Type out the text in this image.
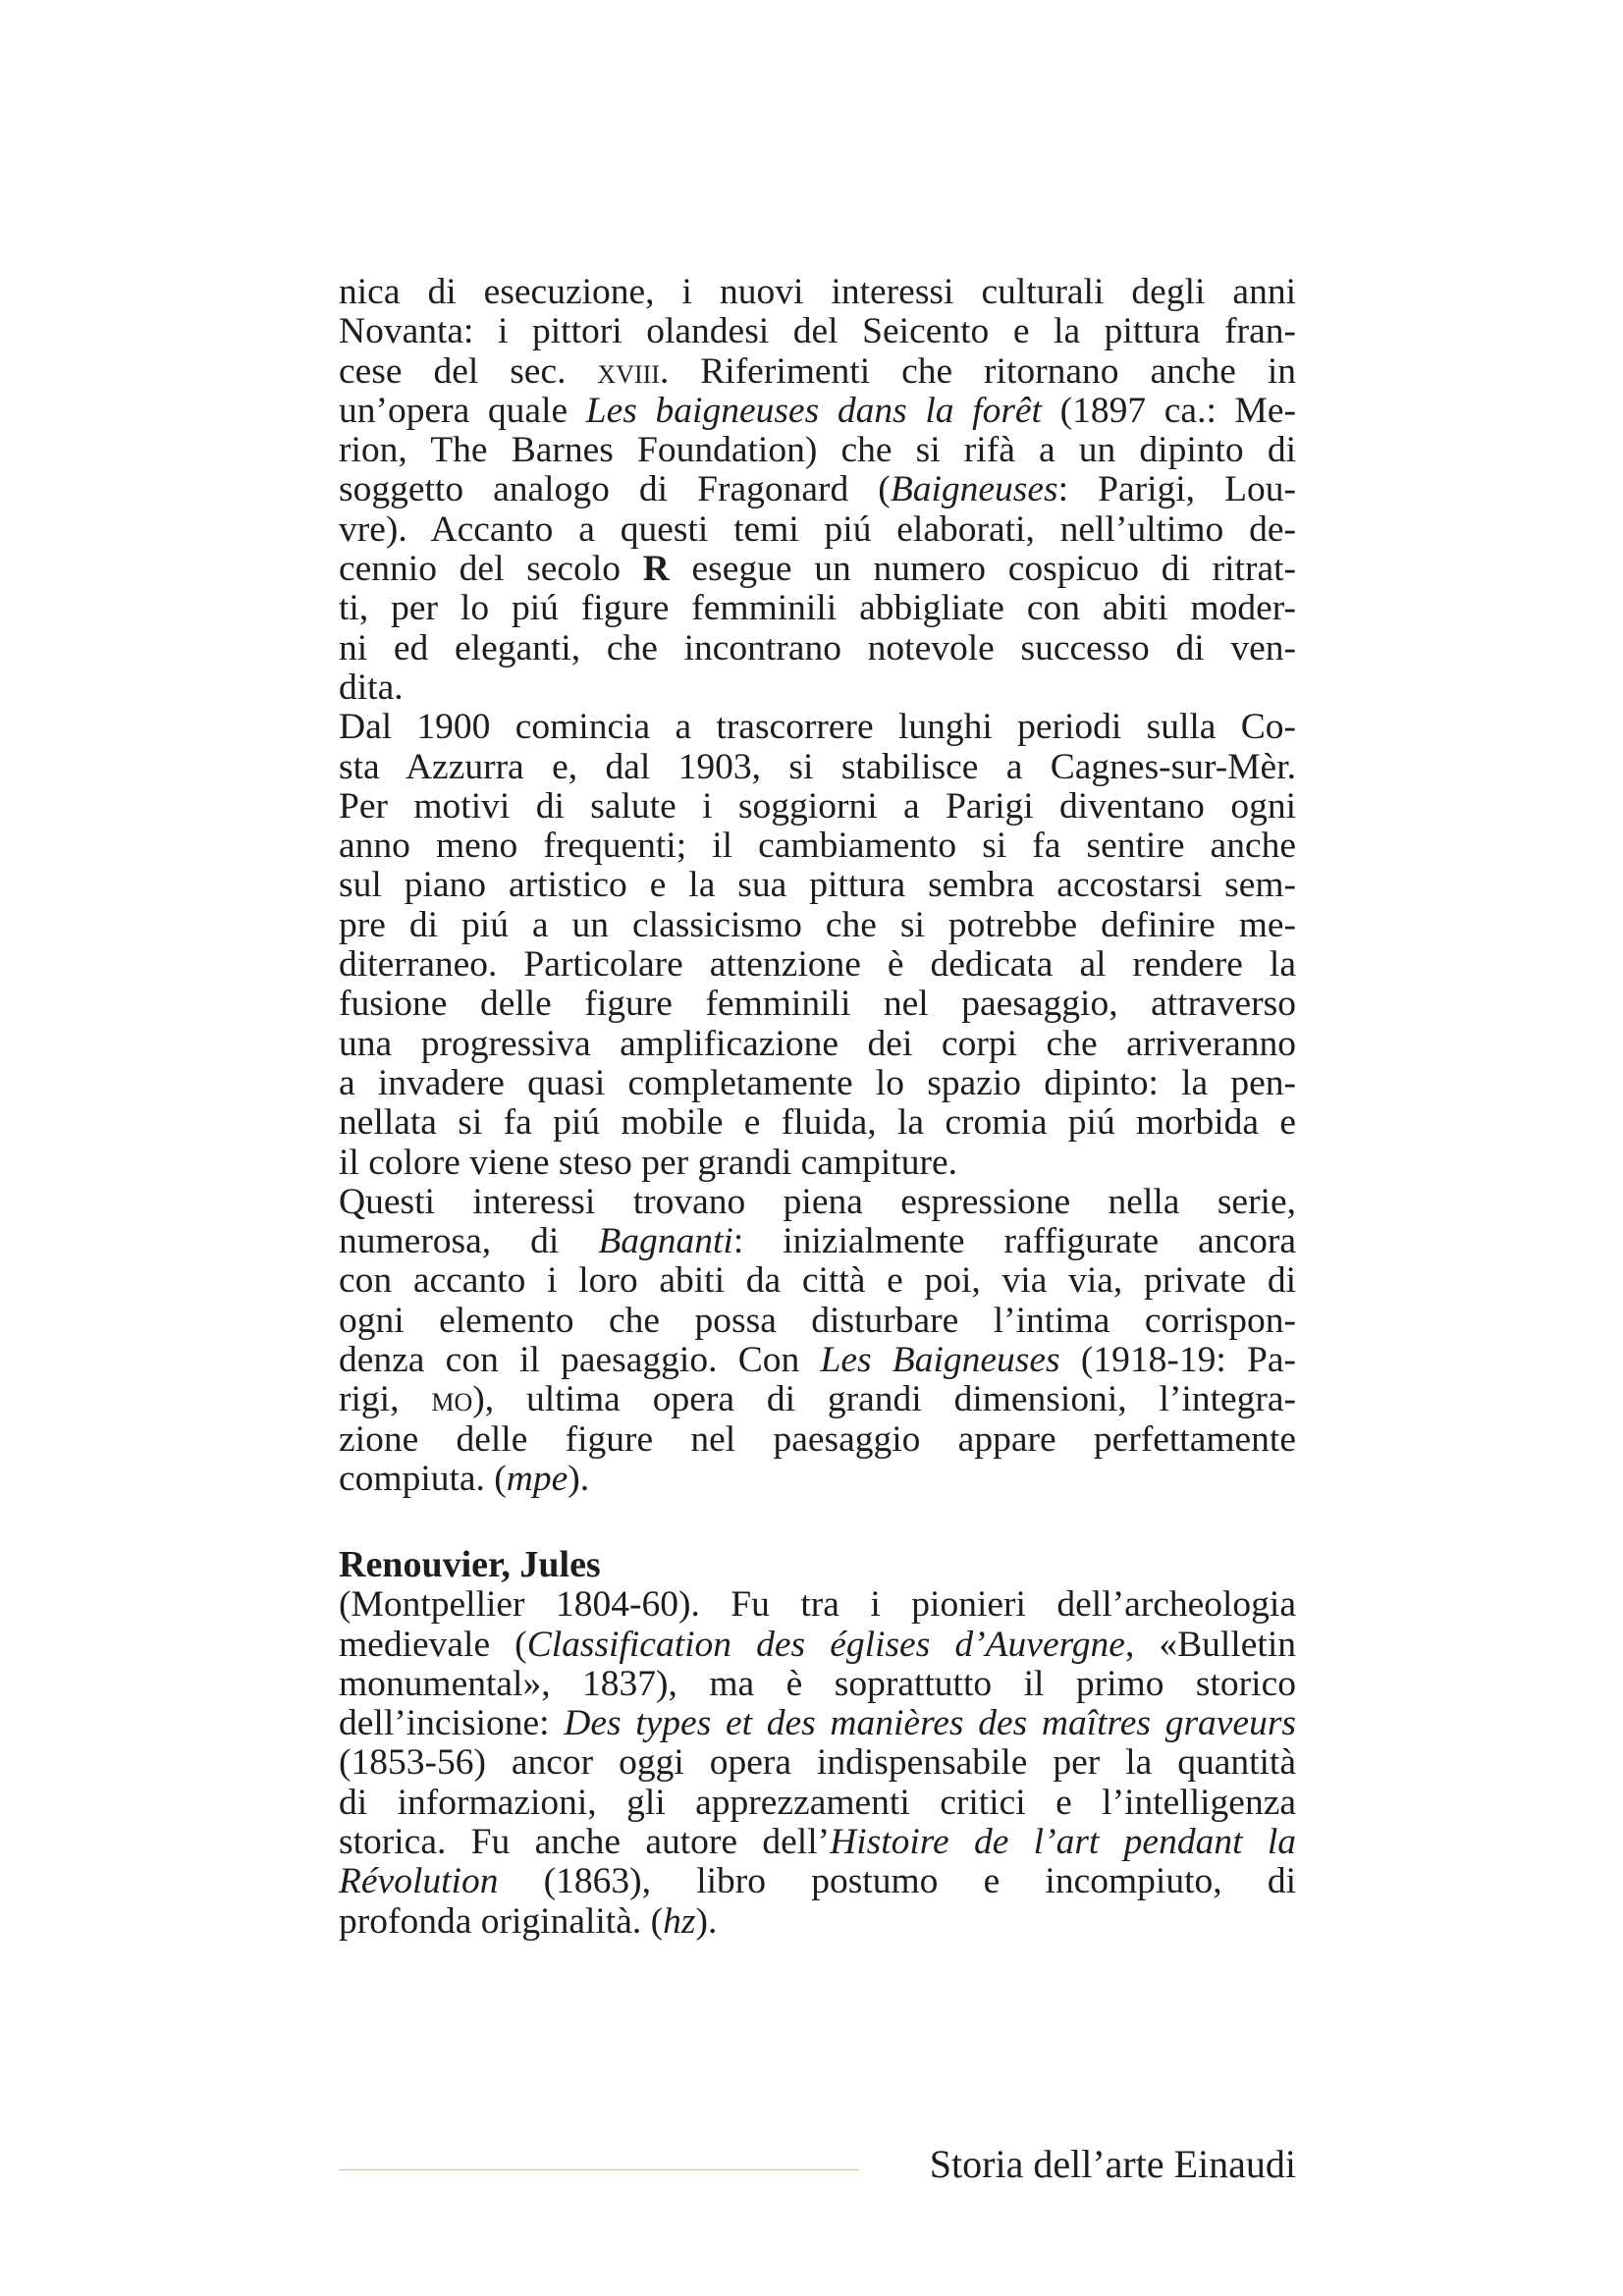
nica di esecuzione, i nuovi interessi culturali degli anni
Novanta: i pittori olandesi del Seicento e la pittura fran-
cese del sec. xviii. Riferimenti che ritornano anche in
un’opera quale Les baigneuses dans la forêt (1897 ca.: Me-
rion, The Barnes Foundation) che si rifà a un dipinto di
soggetto analogo di Fragonard (Baigneuses: Parigi, Lou-
vre). Accanto a questi temi piú elaborati, nell’ultimo de-
cennio del secolo R esegue un numero cospicuo di ritrat-
ti, per lo piú figure femminili abbigliate con abiti moder-
ni ed eleganti, che incontrano notevole successo di ven-
dita.

Dal 1900 comincia a trascorrere lunghi periodi sulla Co-
sta Azzurra e, dal 1903, si stabilisce a Cagnes-sur-Mèr.
Per motivi di salute i soggiorni a Parigi diventano ogni
anno meno frequenti; il cambiamento si fa sentire anche
sul piano artistico e la sua pittura sembra accostarsi sem-
pre di piú a un classicismo che si potrebbe definire me-
diterraneo. Particolare attenzione è dedicata al rendere la
fusione delle figure femminili nel paesaggio, attraverso
una progressiva amplificazione dei corpi che arriveranno
a invadere quasi completamente lo spazio dipinto: la pen-
nellata si fa piú mobile e fluida, la cromia piú morbida e
il colore viene steso per grandi campiture.

Questi interessi trovano piena espressione nella serie,
numerosa, di Bagnanti: inizialmente raffigurate ancora
con accanto i loro abiti da città e poi, via via, private di
ogni elemento che possa disturbare l’intima corrispon-
denza con il paesaggio. Con Les Baigneuses (1918-19: Pa-
rigi, mo), ultima opera di grandi dimensioni, l’integra-
zione delle figure nel paesaggio appare perfettamente
compiuta. (mpe).

Renouvier, Jules

(Montpellier 1804-60). Fu tra i pionieri dell’archeologia
medievale (Classification des églises d’Auvergne, «Bulletin
monumental», 1837), ma è soprattutto il primo storico
dell’incisione: Des types et des manières des maîtres graveurs
(1853-56) ancor oggi opera indispensabile per la quantità
di informazioni, gli apprezzamenti critici e l’intelligenza
storica. Fu anche autore dell’Histoire de l’art pendant la
Révolution (1863), libro postumo e incompiuto, di
profonda originalità. (hz).

Storia dell’arte Einaudi
